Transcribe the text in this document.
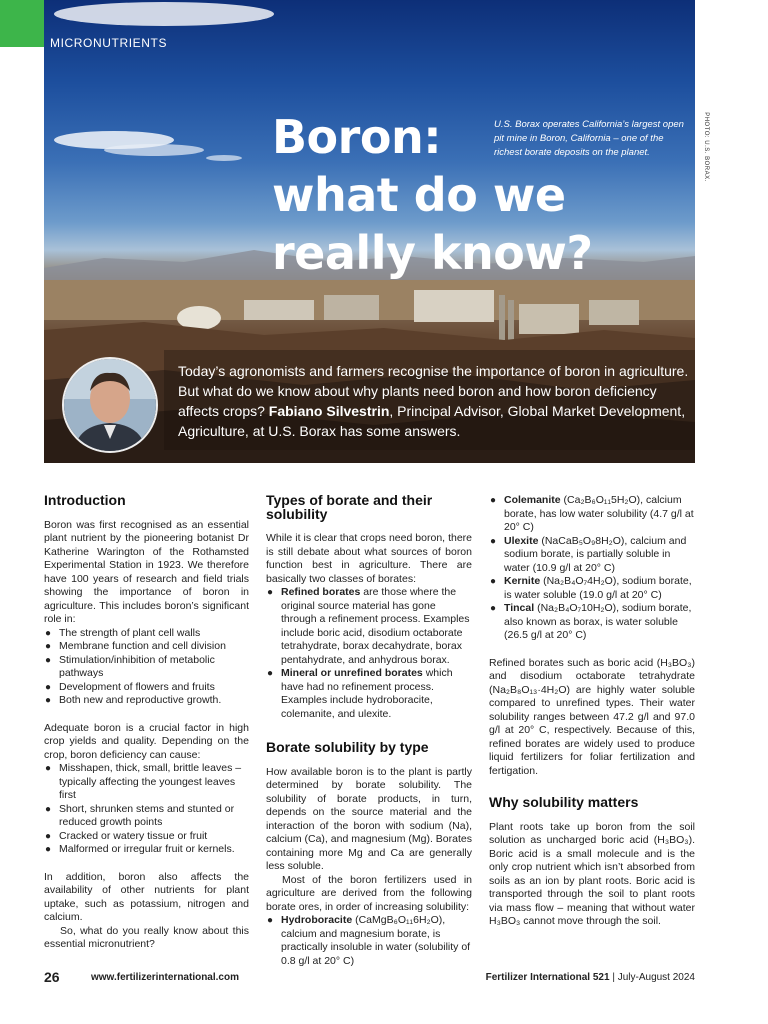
MICRONUTRIENTS
Boron:
what do we
really know?
U.S. Borax operates California’s largest open pit mine in Boron, California – one of the richest borate deposits on the planet.	PHOTO: U.S. BORAX.
Today’s agronomists and farmers recognise the importance of boron in agriculture. But what do we know about why plants need boron and how boron deficiency affects crops? Fabiano Silvestrin, Principal Advisor, Global Market Development, Agriculture, at U.S. Borax has some answers.
Introduction

Boron was first recognised as an essential plant nutrient by the pioneering botanist Dr Katherine Warington of the Rothamsted Experimental Station in 1923. We therefore have 100 years of research and field trials showing the importance of boron in agriculture. This includes boron’s significant role in:

● The strength of plant cell walls
● Membrane function and cell division
● Stimulation/inhibition of metabolic pathways
● Development of flowers and fruits
● Both new and reproductive growth.

Adequate boron is a crucial factor in high crop yields and quality. Depending on the crop, boron deficiency can cause:

● Misshapen, thick, small, brittle leaves – typically affecting the youngest leaves first
● Short, shrunken stems and stunted or reduced growth points
● Cracked or watery tissue or fruit
● Malformed or irregular fruit or kernels.

In addition, boron also affects the availability of other nutrients for plant uptake, such as potassium, nitrogen and calcium.

So, what do you really know about this essential micronutrient?

Types of borate and their solubility

While it is clear that crops need boron, there is still debate about what sources of boron function best in agriculture. There are basically two classes of borates:

● Refined borates are those where the original source material has gone through a refinement process. Examples include boric acid, disodium octaborate tetrahydrate, borax decahydrate, borax pentahydrate, and anhydrous borax.
● Mineral or unrefined borates which have had no refinement process. Examples include hydroboracite, colemanite, and ulexite.
Borate solubility by type

How available boron is to the plant is partly determined by borate solubility. The solubility of borate products, in turn, depends on the source material and the interaction of the boron with sodium (Na), calcium (Ca), and magnesium (Mg). Borates containing more Mg and Ca are generally less soluble.

Most of the boron fertilizers used in agriculture are derived from the following borate ores, in order of increasing solubility:

● Hydroboracite (CaMgB₆O₁₁6H₂O), calcium and magnesium borate, is practically insoluble in water (solubility of 0.8 g/l at 20° C)
● Colemanite (Ca₂B₆O₁₁5H₂O), calcium borate, has low water solubility (4.7 g/l at 20° C)
● Ulexite (NaCaB₅O₉8H₂O), calcium and sodium borate, is partially soluble in water (10.9 g/l at 20° C)
● Kernite (Na₂B₄O₇4H₂O), sodium borate, is water soluble (19.0 g/l at 20° C)
● Tincal (Na₂B₄O₇10H₂O), sodium borate, also known as borax, is water soluble (26.5 g/l at 20° C)

Refined borates such as boric acid (H₃BO₃) and disodium octaborate tetrahydrate (Na₂B₈O₁₃·4H₂O) are highly water soluble compared to unrefined types. Their water solubility ranges between 47.2 g/l and 97.0 g/l at 20° C, respectively. Because of this, refined borates are widely used to produce liquid fertilizers for foliar fertilization and fertigation.

Why solubility matters

Plant roots take up boron from the soil solution as uncharged boric acid (H₃BO₃). Boric acid is a small molecule and is the only crop nutrient which isn’t absorbed from soils as an ion by plant roots. Boric acid is transported through the soil to plant roots via mass flow – meaning that without water H₃BO₃ cannot move through the soil.

26	www.fertilizerinternational.com	Fertilizer International 521 | July-August 2024
